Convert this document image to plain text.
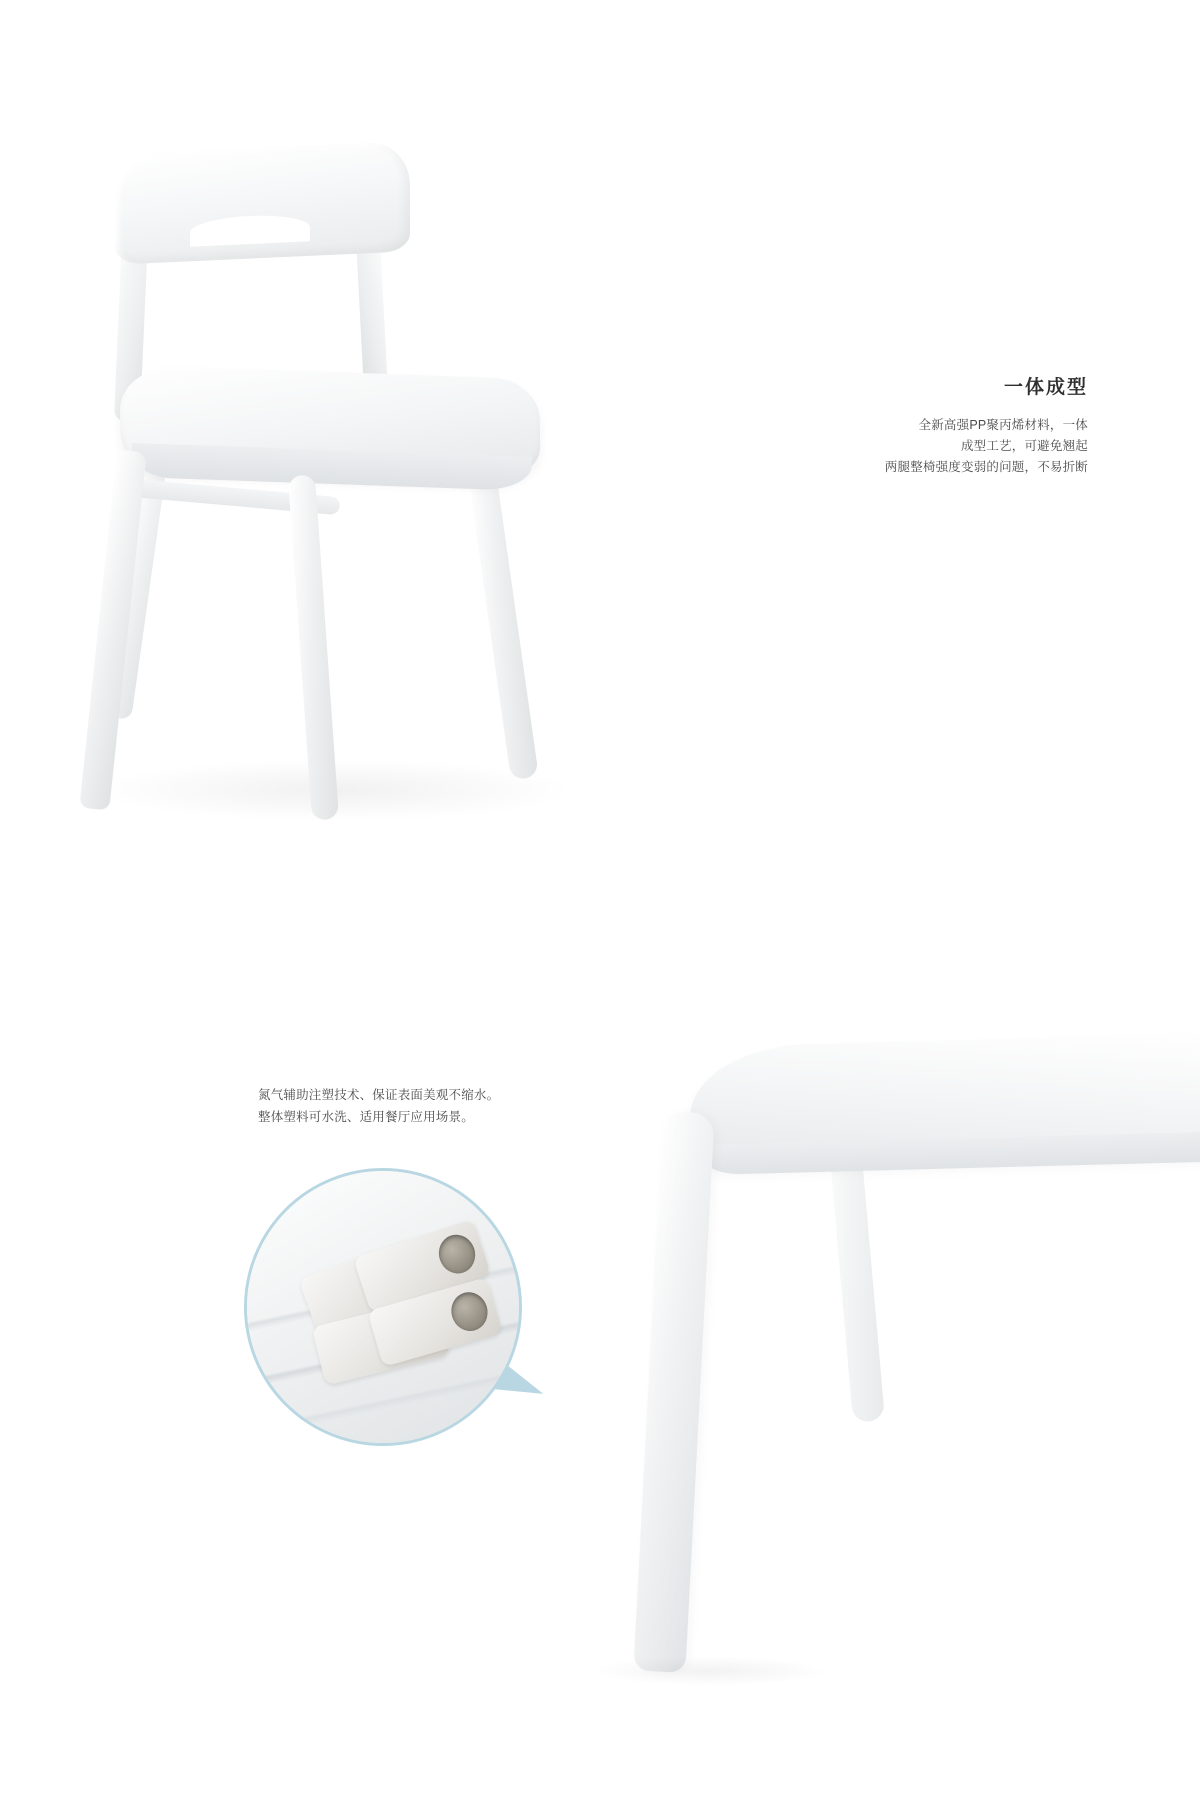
一体成型
全新高强PP聚丙烯材料，一体
成型工艺，可避免翘起
两腿整椅强度变弱的问题，不易折断
氮气辅助注塑技术、保证表面美观不缩水。
整体塑料可水洗、适用餐厅应用场景。
